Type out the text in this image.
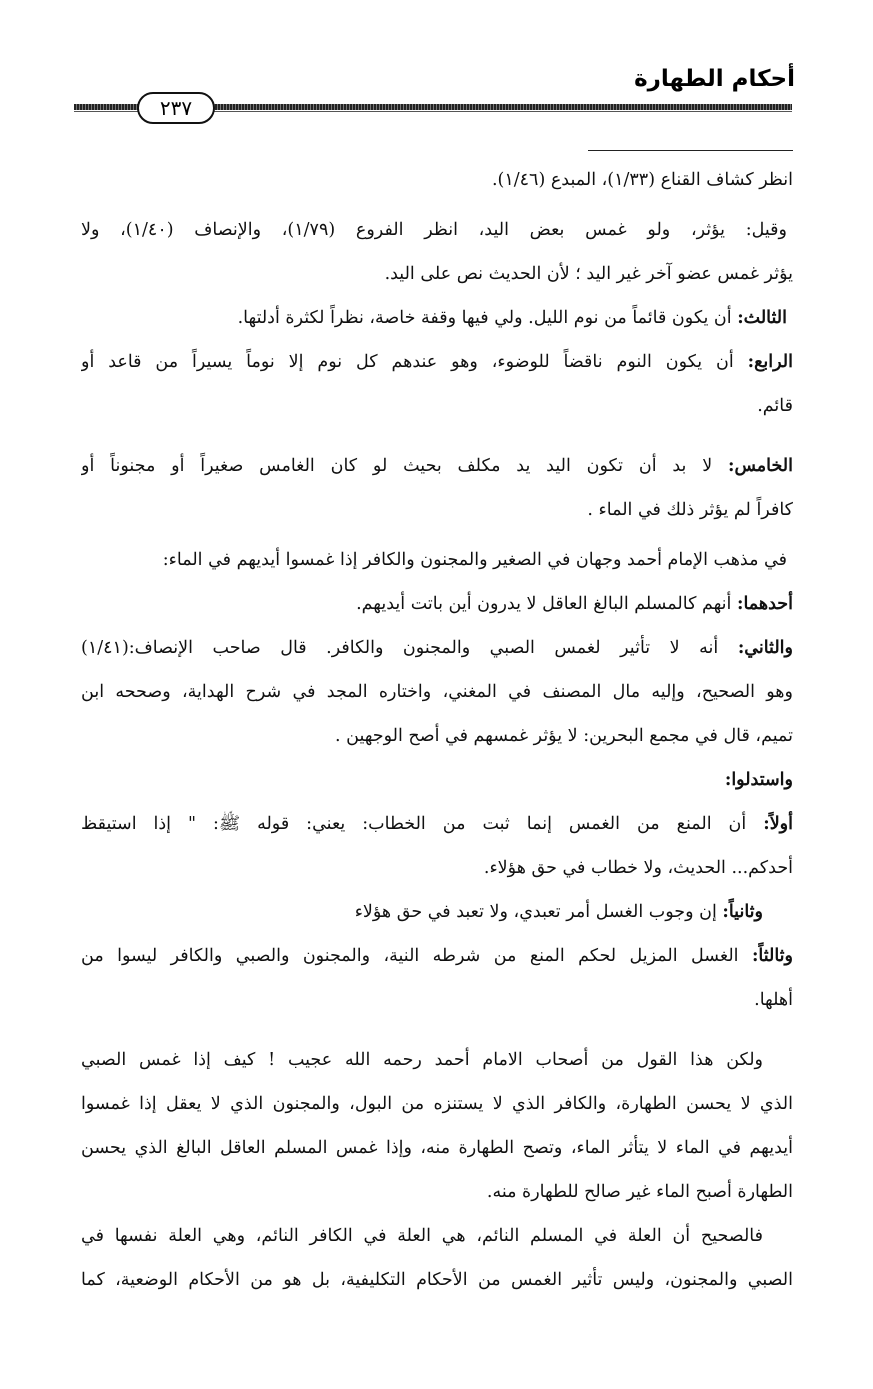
أحكام الطهارة
٢٣٧
انظر كشاف القناع (١/٣٣)، المبدع (١/٤٦).
وقيل: يؤثر، ولو غمس بعض اليد، انظر الفروع (١/٧٩)، والإنصاف (١/٤٠)، ولا
يؤثر غمس عضو آخر غير اليد ؛ لأن الحديث نص على اليد.
الثالث: أن يكون قائماً من نوم الليل. ولي فيها وقفة خاصة، نظراً لكثرة أدلتها.
الرابع: أن يكون النوم ناقضاً للوضوء، وهو عندهم كل نوم إلا نوماً يسيراً من قاعد أو
قائم.
الخامس: لا بد أن تكون اليد يد مكلف بحيث لو كان الغامس صغيراً أو مجنوناً أو
كافراً لم يؤثر ذلك في الماء .
في مذهب الإمام أحمد وجهان في الصغير والمجنون والكافر إذا غمسوا أيديهم في الماء:
أحدهما: أنهم كالمسلم البالغ العاقل لا يدرون أين باتت أيديهم.
والثاني: أنه لا تأثير لغمس الصبي والمجنون والكافر. قال صاحب الإنصاف:(١/٤١)
وهو الصحيح، وإليه مال المصنف في المغني، واختاره المجد في شرح الهداية، وصححه ابن
تميم، قال في مجمع البحرين: لا يؤثر غمسهم في أصح الوجهين .
واستدلوا:
أولاً: أن المنع من الغمس إنما ثبت من الخطاب: يعني: قوله ﷺ: " إذا استيقظ
أحدكم... الحديث، ولا خطاب في حق هؤلاء.
وثانياً: إن وجوب الغسل أمر تعبدي، ولا تعبد في حق هؤلاء
وثالثاً: الغسل المزيل لحكم المنع من شرطه النية، والمجنون والصبي والكافر ليسوا من
أهلها.
ولكن هذا القول من أصحاب الامام أحمد رحمه الله عجيب ! كيف إذا غمس الصبي
الذي لا يحسن الطهارة، والكافر الذي لا يستنزه من البول، والمجنون الذي لا يعقل إذا غمسوا
أيديهم في الماء لا يتأثر الماء، وتصح الطهارة منه، وإذا غمس المسلم العاقل البالغ الذي يحسن
الطهارة أصبح الماء غير صالح للطهارة منه.
فالصحيح أن العلة في المسلم النائم، هي العلة في الكافر النائم، وهي العلة نفسها في
الصبي والمجنون، وليس تأثير الغمس من الأحكام التكليفية، بل هو من الأحكام الوضعية، كما
